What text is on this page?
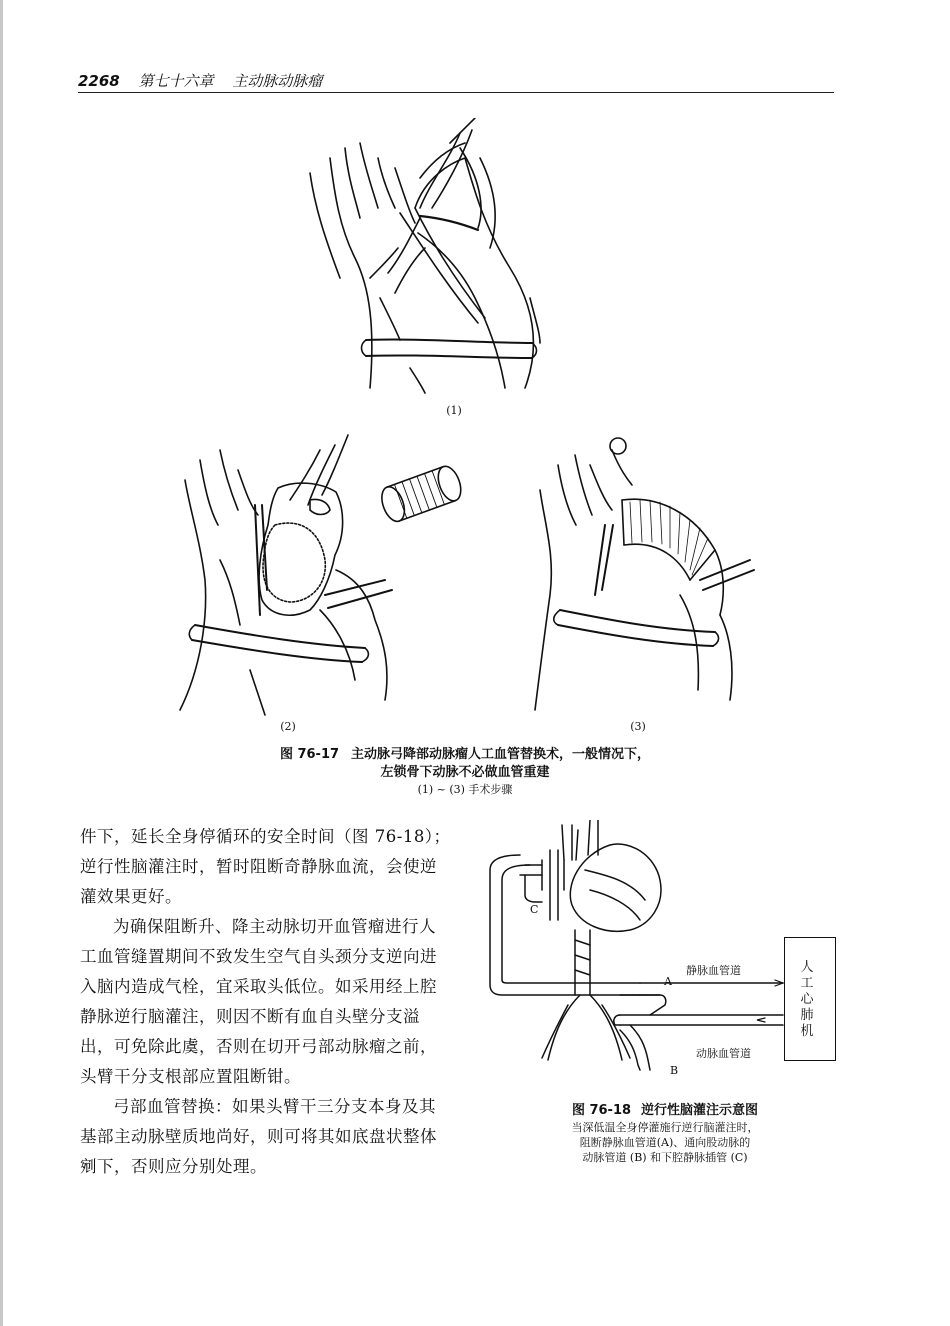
2268 第七十六章 主动脉动脉瘤
(1)
(2)	(3)
图 76-17 主动脉弓降部动脉瘤人工血管替换术，一般情况下，
左锁骨下动脉不必做血管重建
(1) ~ (3) 手术步骤

件下，延长全身停循环的安全时间（图 76-18）；逆行性脑灌注时，暂时阻断奇静脉血流，会使逆灌效果更好。

为确保阻断升、降主动脉切开血管瘤进行人工血管缝置期间不致发生空气自头颈分支逆向进入脑内造成气栓，宜采取头低位。如采用经上腔静脉逆行脑灌注，则因不断有血自头壁分支溢出，可免除此虞，否则在切开弓部动脉瘤之前，头臂干分支根部应置阻断钳。

弓部血管替换：如果头臂干三分支本身及其基部主动脉壁质地尚好，则可将其如底盘状整体剜下，否则应分别处理。

C
A
B
静脉血管道
动脉血管道
人工心肺机
图 76-18 逆行性脑灌注示意图
当深低温全身停灌施行逆行脑灌注时，
阻断静脉血管道(A)、通向股动脉的
动脉管道 (B) 和下腔静脉插管 (C)
